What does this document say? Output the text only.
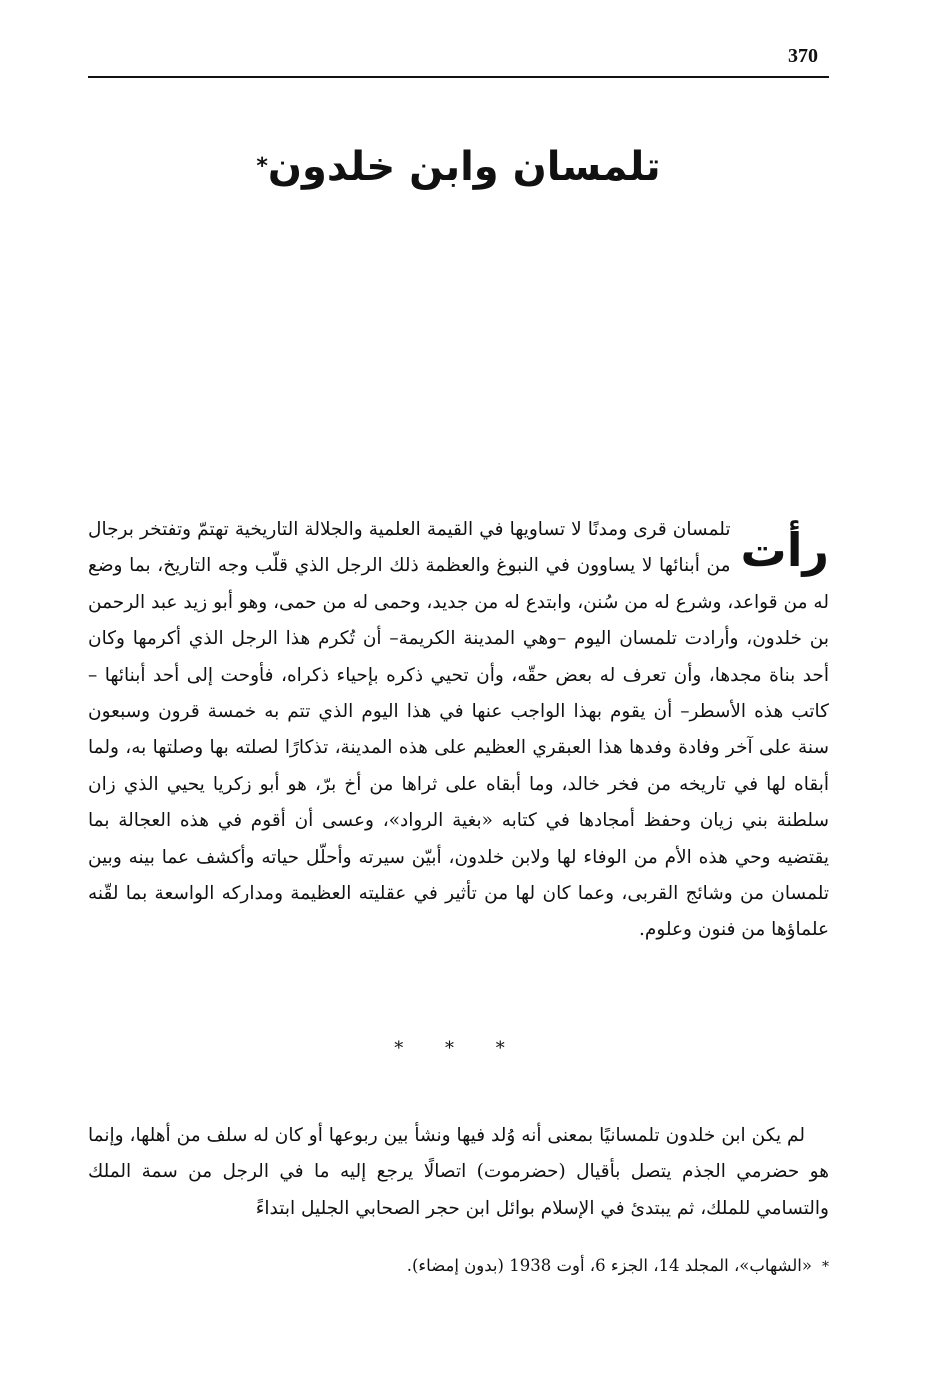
370
تلمسان وابن خلدون*

رأت
تلمسان قرى ومدنًا لا تساويها في القيمة العلمية والجلالة التاريخية تهتمّ وتفتخر برجال من أبنائها لا يساوون في النبوغ والعظمة ذلك الرجل الذي قلّب وجه التاريخ، بما وضع له من قواعد، وشرع له من سُنن، وابتدع له من جديد، وحمى له من حمى، وهو أبو زيد عبد الرحمن بن خلدون، وأرادت تلمسان اليوم –وهي المدينة الكريمة– أن تُكرم هذا الرجل الذي أكرمها وكان أحد بناة مجدها، وأن تعرف له بعض حقّه، وأن تحيي ذكره بإحياء ذكراه، فأوحت إلى أحد أبنائها –كاتب هذه الأسطر– أن يقوم بهذا الواجب عنها في هذا اليوم الذي تتم به خمسة قرون وسبعون سنة على آخر وفادة وفدها هذا العبقري العظيم على هذه المدينة، تذكارًا لصلته بها وصلتها به، ولما أبقاه لها في تاريخه من فخر خالد، وما أبقاه على ثراها من أخ برّ، هو أبو زكريا يحيي الذي زان سلطنة بني زيان وحفظ أمجادها في كتابه «بغية الرواد»، وعسى أن أقوم في هذه العجالة بما يقتضيه وحي هذه الأم من الوفاء لها ولابن خلدون، أبيّن سيرته وأحلّل حياته وأكشف عما بينه وبين تلمسان من وشائج القربى، وعما كان لها من تأثير في عقليته العظيمة ومداركه الواسعة بما لقّنه علماؤها من فنون وعلوم.

* * *

لم يكن ابن خلدون تلمسانيًا بمعنى أنه وُلد فيها ونشأ بين ربوعها أو كان له سلف من أهلها، وإنما هو حضرمي الجذم يتصل بأقيال (حضرموت) اتصالًا يرجع إليه ما في الرجل من سمة الملك والتسامي للملك، ثم يبتدئ في الإسلام بوائل ابن حجر الصحابي الجليل ابتداءً

*«الشهاب»، المجلد 14، الجزء 6، أوت 1938 (بدون إمضاء).
